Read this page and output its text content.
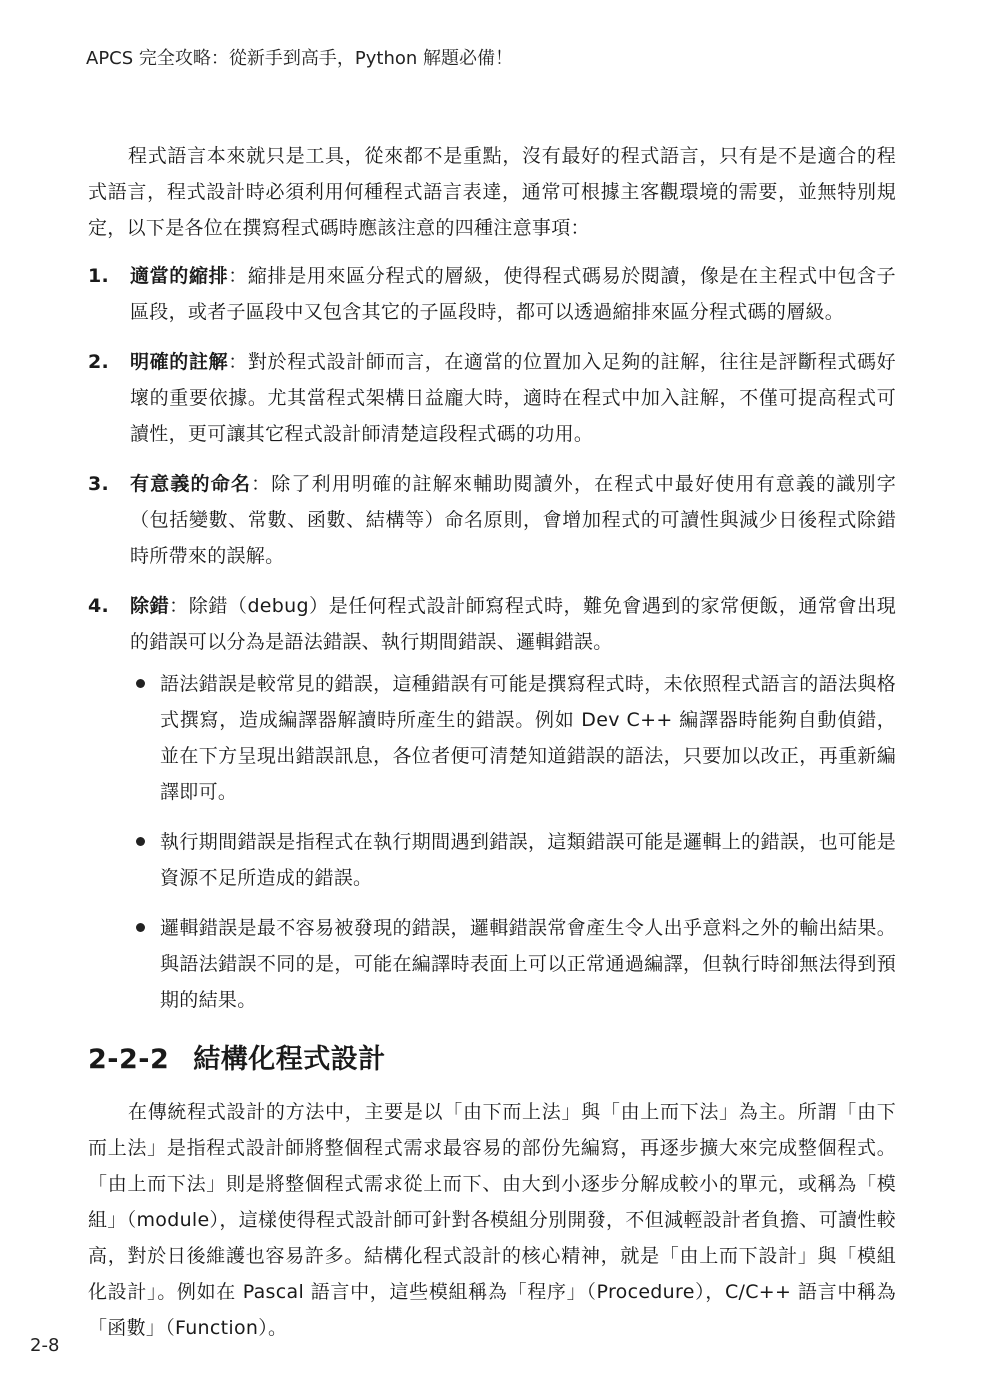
APCS 完全攻略：從新手到高手，Python 解題必備！

程式語言本來就只是工具，從來都不是重點，沒有最好的程式語言，只有是不是適合的程式語言，程式設計時必須利用何種程式語言表達，通常可根據主客觀環境的需要，並無特別規定，以下是各位在撰寫程式碼時應該注意的四種注意事項：

1. 適當的縮排：縮排是用來區分程式的層級，使得程式碼易於閱讀，像是在主程式中包含子區段，或者子區段中又包含其它的子區段時，都可以透過縮排來區分程式碼的層級。
2. 明確的註解：對於程式設計師而言，在適當的位置加入足夠的註解，往往是評斷程式碼好壞的重要依據。尤其當程式架構日益龐大時，適時在程式中加入註解，不僅可提高程式可讀性，更可讓其它程式設計師清楚這段程式碼的功用。
3. 有意義的命名：除了利用明確的註解來輔助閱讀外，在程式中最好使用有意義的識別字（包括變數、常數、函數、結構等）命名原則，會增加程式的可讀性與減少日後程式除錯時所帶來的誤解。
4. 除錯：除錯（debug）是任何程式設計師寫程式時，難免會遇到的家常便飯，通常會出現的錯誤可以分為是語法錯誤、執行期間錯誤、邏輯錯誤。
語法錯誤是較常見的錯誤，這種錯誤有可能是撰寫程式時，未依照程式語言的語法與格式撰寫，造成編譯器解讀時所產生的錯誤。例如 Dev C++ 編譯器時能夠自動偵錯，並在下方呈現出錯誤訊息，各位者便可清楚知道錯誤的語法，只要加以改正，再重新編譯即可。
執行期間錯誤是指程式在執行期間遇到錯誤，這類錯誤可能是邏輯上的錯誤，也可能是資源不足所造成的錯誤。
邏輯錯誤是最不容易被發現的錯誤，邏輯錯誤常會產生令人出乎意料之外的輸出結果。與語法錯誤不同的是，可能在編譯時表面上可以正常通過編譯，但執行時卻無法得到預期的結果。
2-2-2 結構化程式設計

在傳統程式設計的方法中，主要是以「由下而上法」與「由上而下法」為主。所謂「由下而上法」是指程式設計師將整個程式需求最容易的部份先編寫，再逐步擴大來完成整個程式。「由上而下法」則是將整個程式需求從上而下、由大到小逐步分解成較小的單元，或稱為「模組」（module），這樣使得程式設計師可針對各模組分別開發，不但減輕設計者負擔、可讀性較高，對於日後維護也容易許多。結構化程式設計的核心精神，就是「由上而下設計」與「模組化設計」。例如在 Pascal 語言中，這些模組稱為「程序」（Procedure），C/C++ 語言中稱為「函數」（Function）。

2-8
